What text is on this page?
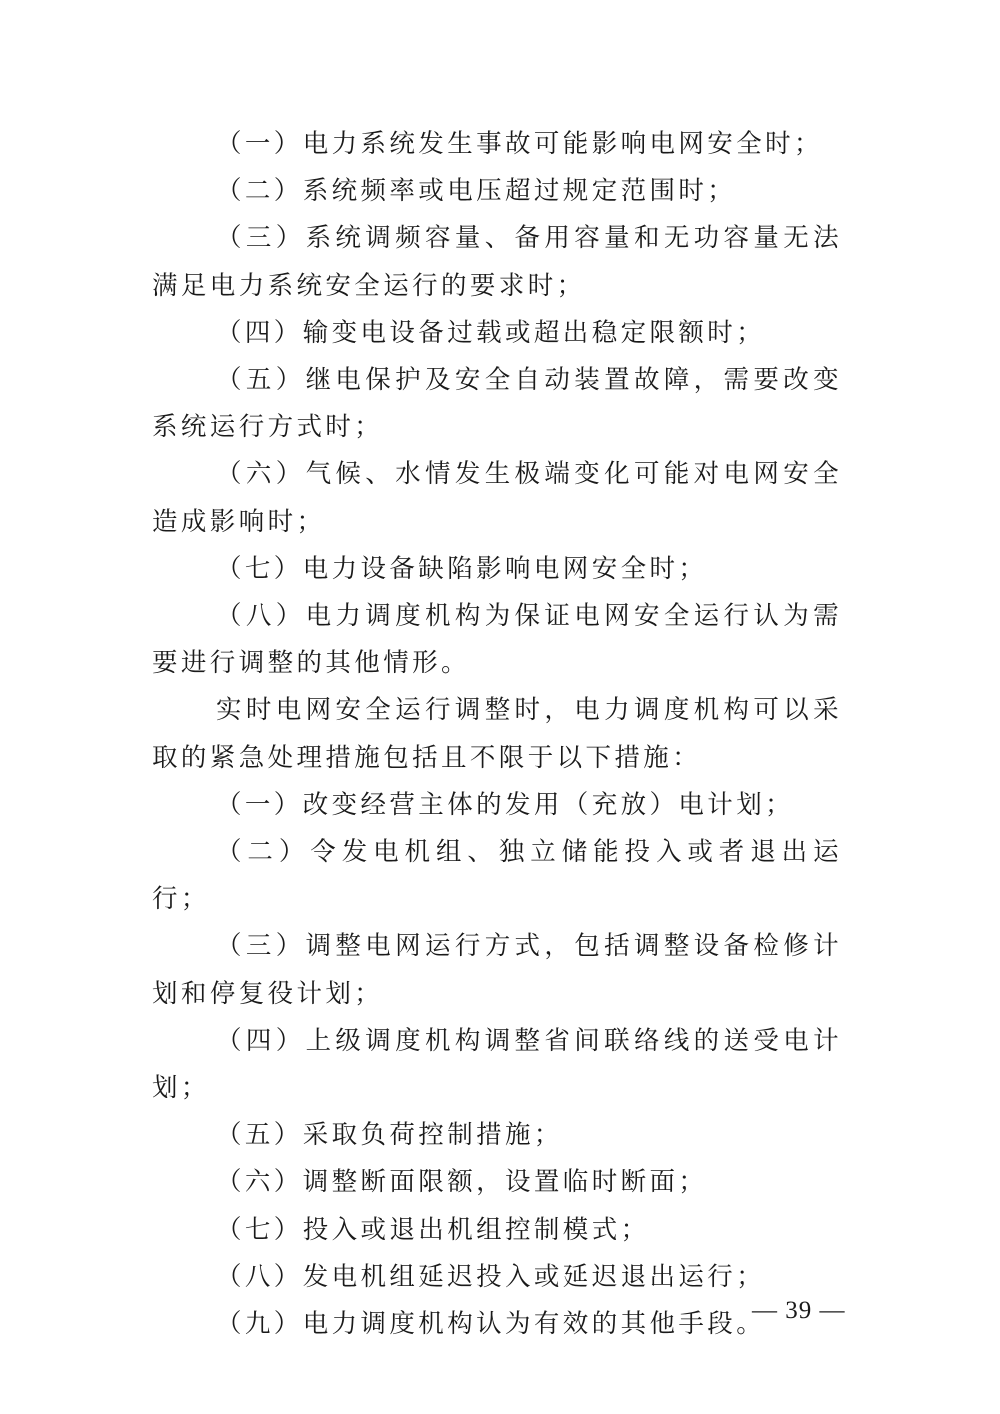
（一）电力系统发生事故可能影响电网安全时；

（二）系统频率或电压超过规定范围时；

（三）系统调频容量、备用容量和无功容量无法满足电力系统安全运行的要求时；

（四）输变电设备过载或超出稳定限额时；

（五）继电保护及安全自动装置故障，需要改变系统运行方式时；

（六）气候、水情发生极端变化可能对电网安全造成影响时；

（七）电力设备缺陷影响电网安全时；

（八）电力调度机构为保证电网安全运行认为需要进行调整的其他情形。

实时电网安全运行调整时，电力调度机构可以采取的紧急处理措施包括且不限于以下措施：

（一）改变经营主体的发用（充放）电计划；

（二）令发电机组、独立储能投入或者退出运行；

（三）调整电网运行方式，包括调整设备检修计划和停复役计划；

（四）上级调度机构调整省间联络线的送受电计划；

（五）采取负荷控制措施；

（六）调整断面限额，设置临时断面；

（七）投入或退出机组控制模式；

（八）发电机组延迟投入或延迟退出运行；

（九）电力调度机构认为有效的其他手段。

— 39 —
